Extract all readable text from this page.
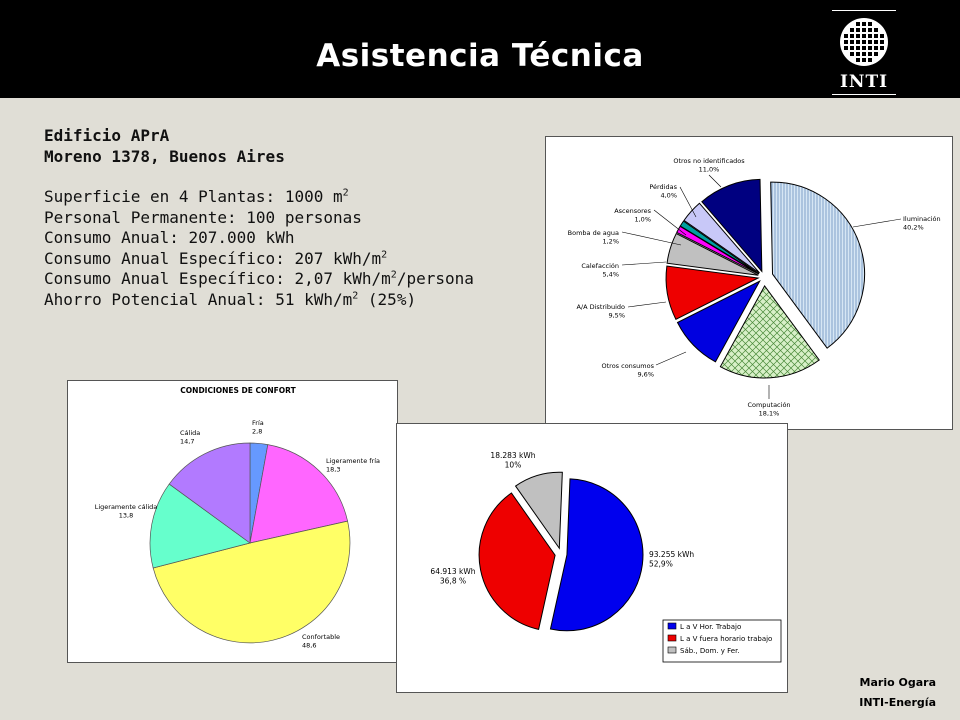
Asistencia Técnica
INTI
Edificio APrA
Moreno 1378, Buenos Aires
Superficie en 4 Plantas: 1000 $m^2$
Personal Permanente: 100 personas
Consumo Anual: 207.000 kWh
Consumo Anual Específico: 207 kWh/$m^2$
Consumo Anual Específico: 2,07 kWh/$m^2$/persona
Ahorro Potencial Anual: 51 kWh/$m^2$ (25%)
Iluminación
40,2%
Computación
18,1%
Otros consumos
9,6%
A/A Distribuido
9,5%
Calefacción
5,4%
Bomba de agua
1,2%
Ascensores
1,0%
Pérdidas
4,0%
Otros no identificados
11,0%
CONDICIONES DE CONFORT
Fría
2,8
Ligeramente fría
18,3
Confortable
48,6
Ligeramente cálida
13,8
Cálida
14,7
93.255 kWh
52,9%
64.913 kWh
36,8 %
18.283 kWh
10%
L a V Hor. Trabajo
L a V fuera horario trabajo
Sáb., Dom. y Fer.
Mario Ogara
INTI-Energía
